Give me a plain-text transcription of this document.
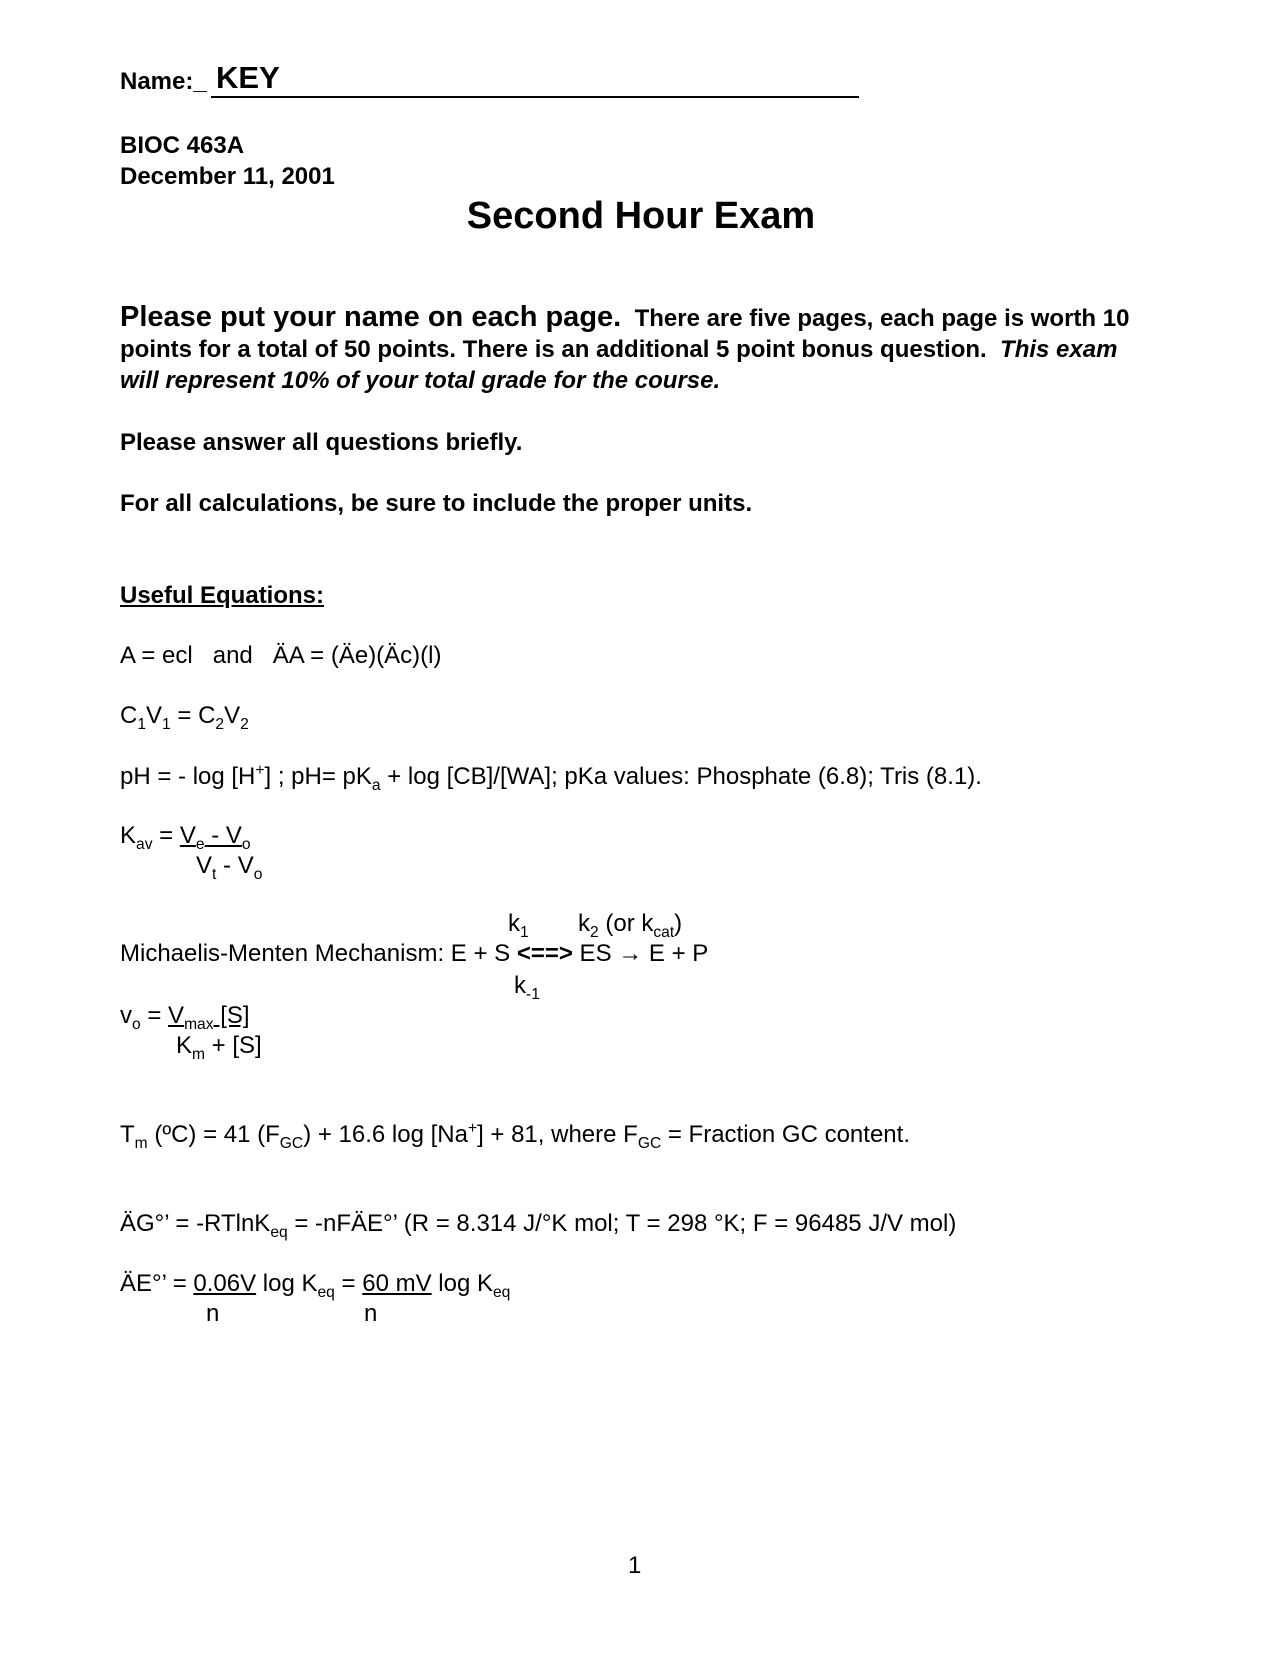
Name:_ KEY
BIOC 463A
December 11, 2001
Second Hour Exam
Please put your name on each page. There are five pages, each page is worth 10 points for a total of 50 points. There is an additional 5 point bonus question. This exam will represent 10% of your total grade for the course.
Please answer all questions briefly.
For all calculations, be sure to include the proper units.
Useful Equations:
A = ecl and ÄA = (Äe)(Äc)(l)
$C_1V_1 = C_2V_2$
pH = - log [H+] ; $pH= pK_a + \log [CB]/[WA]$; pKa values: Phosphate (6.8); Tris (8.1).
$K_{av} = V_e - V_o$
$V_t - V_o$
$k_1$ $k_2$ (or $k_{cat}$)
Michaelis-Menten Mechanism: E + S <==> ES → E + P
$k_{-1}$
$v_o = V_{max}$ [S]
$K_m + [S]$
$T_m$ (ºC) = 41 $(F_{GC}) + 16.6$ log [Na+] + 81, where $F_{GC}$ = Fraction GC content.
ÄG°’ = -RTlnK$_{eq}$ = -nFÄE°’ (R = 8.314 J/°K mol; T = 298 °K; F = 96485 J/V mol)
ÄE°’ = 0.06V $\log K_{eq} = 60$ mV $\log K_{eq}$
n	n
1
